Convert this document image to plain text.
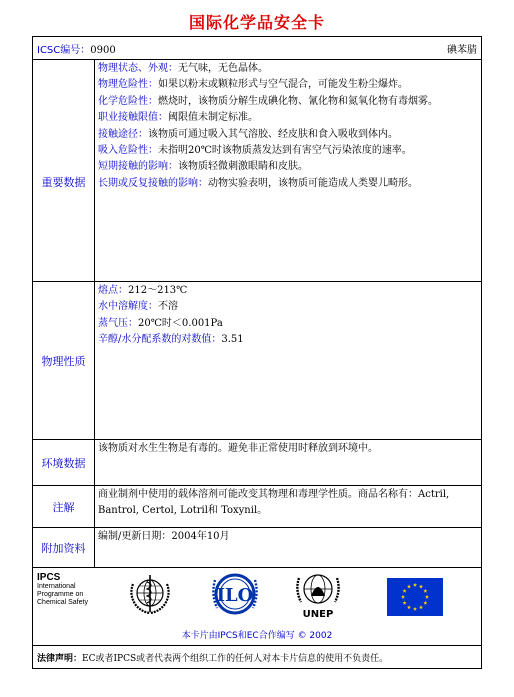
国际化学品安全卡
ICSC编号：0900	碘苯腈
重要数据

物理状态、外观：无气味，无色晶体。

物理危险性：如果以粉末或颗粒形式与空气混合，可能发生粉尘爆炸。

化学危险性：燃烧时，该物质分解生成碘化物、氰化物和氮氧化物有毒烟雾。

职业接触限值：阈限值未制定标准。

接触途径：该物质可通过吸入其气溶胶、经皮肤和食入吸收到体内。

吸入危险性：未指明20℃时该物质蒸发达到有害空气污染浓度的速率。

短期接触的影响：该物质轻微刺激眼睛和皮肤。

长期或反复接触的影响：动物实验表明，该物质可能造成人类婴儿畸形。

物理性质

熔点：212～213℃

水中溶解度：不溶

蒸气压：20℃时＜0.001Pa

辛醇/水分配系数的对数值：3.51

环境数据
该物质对水生生物是有毒的。避免非正常使用时释放到环境中。
注解
商业制剂中使用的载体溶剂可能改变其物理和毒理学性质。商品名称有：Actril, Bantrol, Certol, Lotril和 Toxynil。
附加资料
编制/更新日期：2004年10月
IPCS
International
Programme on
Chemical Safety	ILO
UNEP
本卡片由IPCS和EC合作编写 © 2002
法律声明：EC或者IPCS或者代表两个组织工作的任何人对本卡片信息的使用不负责任。
